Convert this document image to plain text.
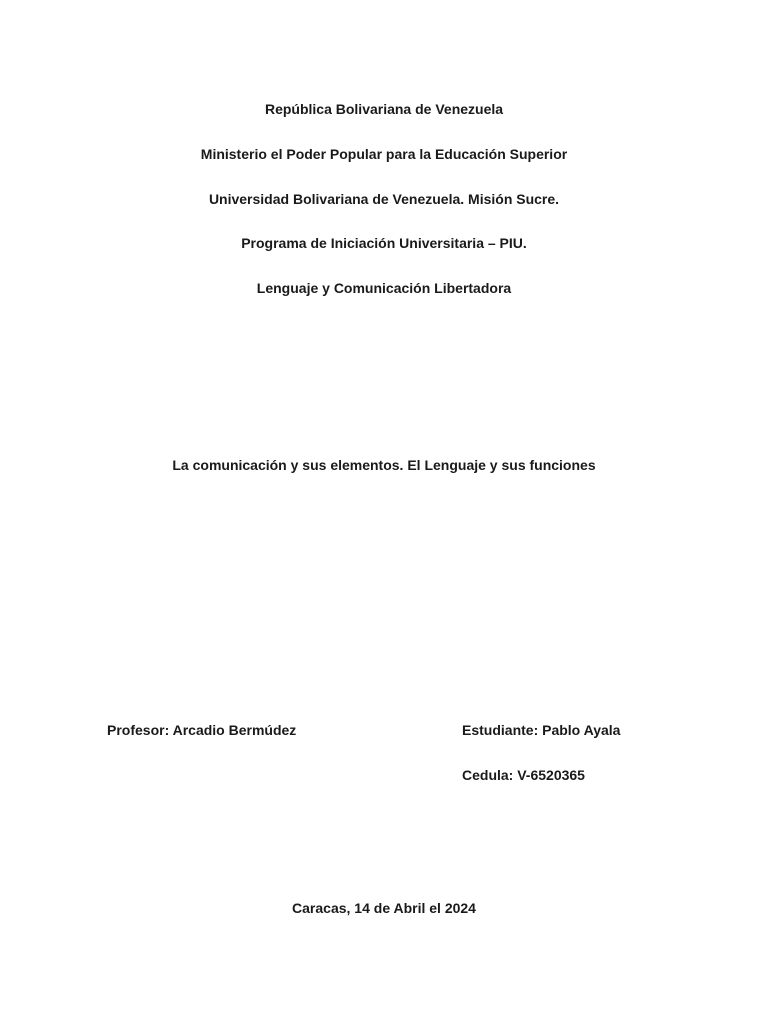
República Bolivariana de Venezuela
Ministerio el Poder Popular para la Educación Superior
Universidad Bolivariana de Venezuela. Misión Sucre.
Programa de Iniciación Universitaria – PIU.
Lenguaje y Comunicación Libertadora
La comunicación y sus elementos. El Lenguaje y sus funciones
Profesor: Arcadio Bermúdez	Estudiante: Pablo Ayala
Cedula: V-6520365
Caracas, 14 de Abril el 2024
